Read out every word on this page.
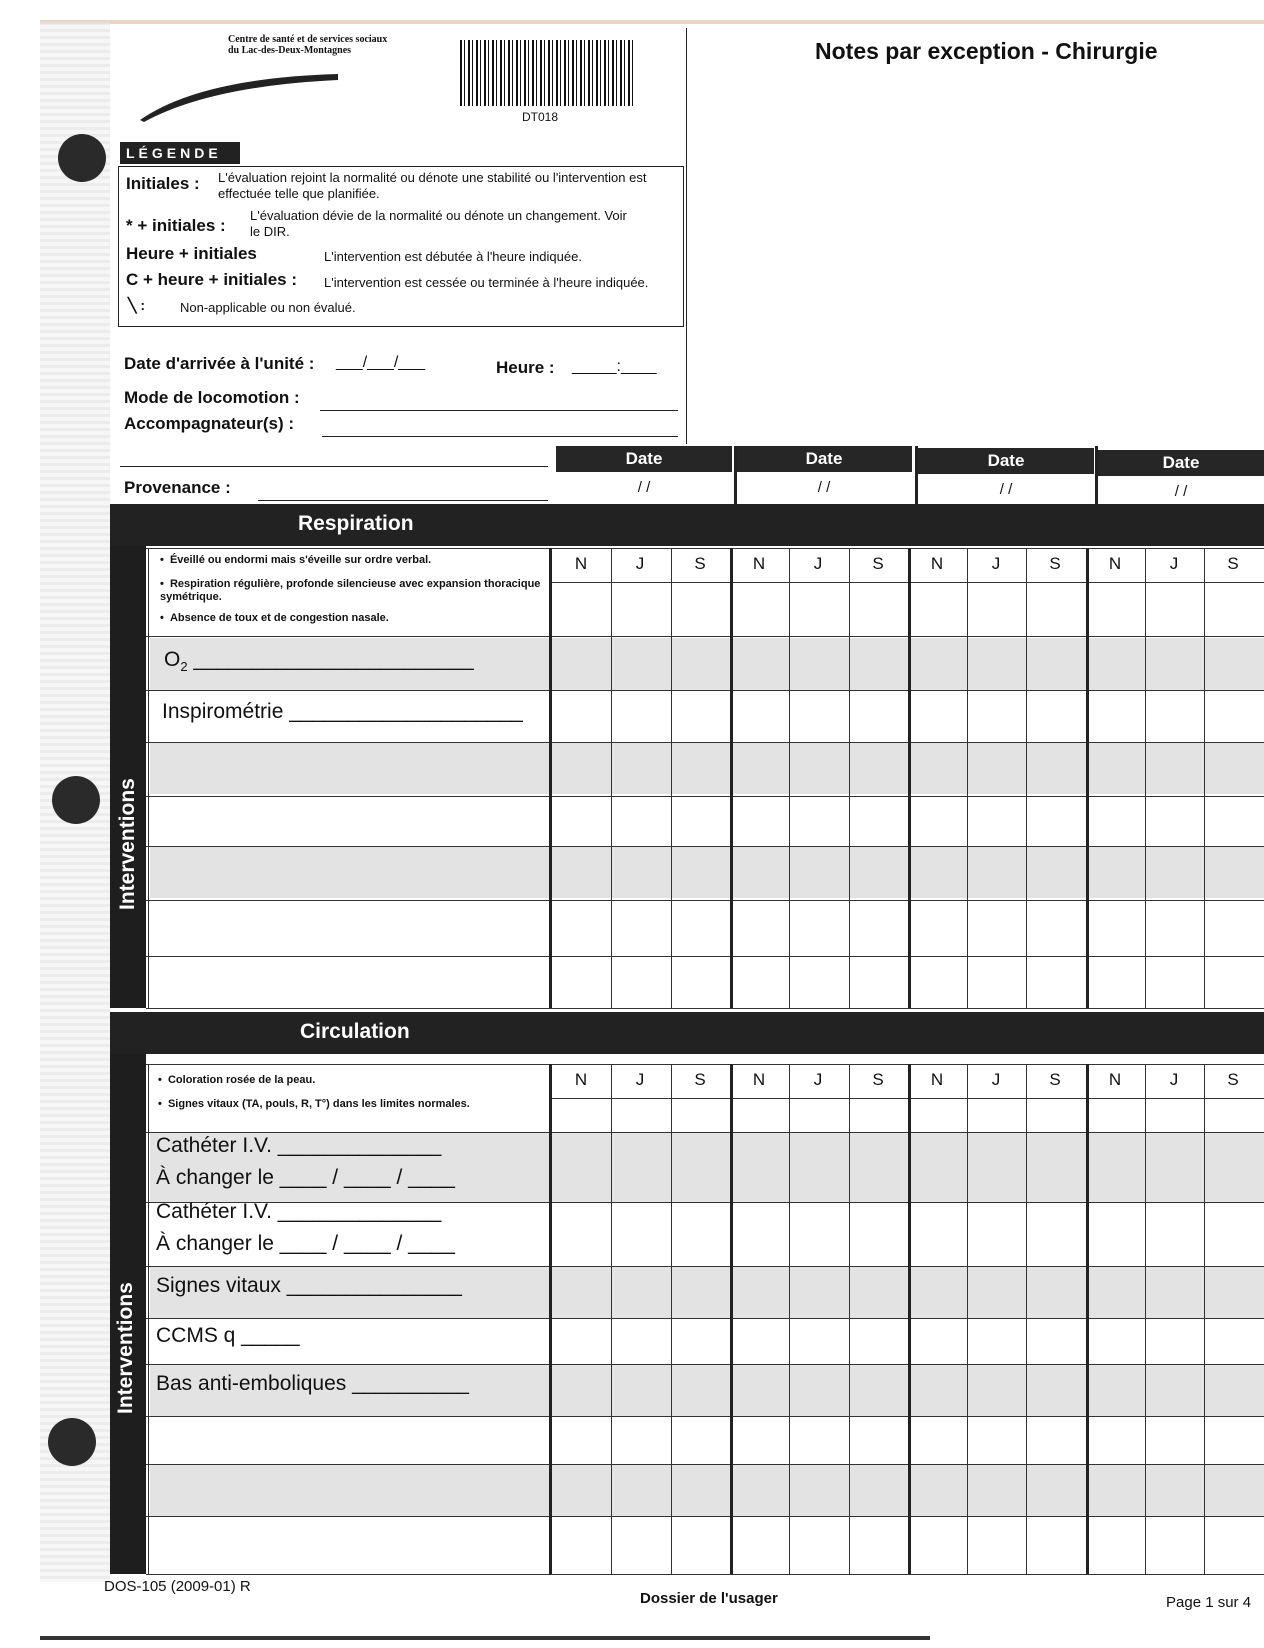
Centre de santé et de services sociaux
du Lac-des-Deux-Montagnes
DT018
Notes par exception - Chirurgie
LÉGENDE
Initiales : L'évaluation rejoint la normalité ou dénote une stabilité ou l'intervention est effectuée telle que planifiée.
* + initiales :
L'évaluation dévie de la normalité ou dénote un changement. Voir le DIR.
Heure + initiales	L'intervention est débutée à l'heure indiquée.
C + heure + initiales : L'intervention est cessée ou terminée à l'heure indiquée.
╲ :	Non-applicable ou non évalué.
Date d'arrivée à l'unité : ___/___/___	Heure : _____:____
Mode de locomotion :
Accompagnateur(s) :
Provenance :
Date	Date	Date	Date
/ /	/ /	/ /	/ /
Respiration
Interventions
•  Éveillé ou endormi mais s'éveille sur ordre verbal.
•  Respiration régulière, profonde silencieuse avec expansion thoracique symétrique.
•  Absence de toux et de congestion nasale.
N	J	S	N	J	S	N	J	S	N	J	S
$O_2$ ________________________
Inspirométrie ____________________
Circulation
Interventions
•  Coloration rosée de la peau.
•  Signes vitaux (TA, pouls, R, T°) dans les limites normales.
N	J	S	N	J	S	N	J	S	N	J	S
Cathéter I.V. ______________
À changer le ____ / ____ / ____
Cathéter I.V. ______________
À changer le ____ / ____ / ____
Signes vitaux _______________
CCMS q _____
Bas anti-emboliques __________
DOS-105 (2009-01) R
Dossier de l'usager	Page 1 sur 4
